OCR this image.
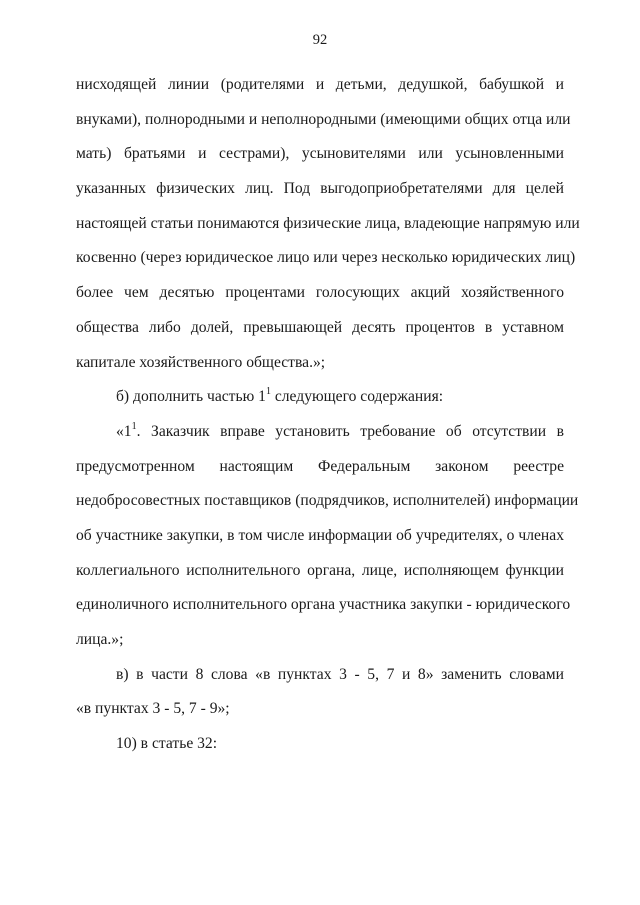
92
нисходящей линии (родителями и детьми, дедушкой, бабушкой и
внуками), полнородными и неполнородными (имеющими общих отца или
мать) братьями и сестрами), усыновителями или усыновленными
указанных физических лиц. Под выгодоприобретателями для целей
настоящей статьи понимаются физические лица, владеющие напрямую или
косвенно (через юридическое лицо или через несколько юридических лиц)
более чем десятью процентами голосующих акций хозяйственного
общества либо долей, превышающей десять процентов в уставном
капитале хозяйственного общества.»;
б) дополнить частью $1^1$ следующего содержания:
«$1^1$. Заказчик вправе установить требование об отсутствии в
предусмотренном настоящим Федеральным законом реестре
недобросовестных поставщиков (подрядчиков, исполнителей) информации
об участнике закупки, в том числе информации об учредителях, о членах
коллегиального исполнительного органа, лице, исполняющем функции
единоличного исполнительного органа участника закупки - юридического
лица.»;
в) в части 8 слова «в пунктах 3 - 5, 7 и 8» заменить словами
«в пунктах 3 - 5, 7 - 9»;
10) в статье 32:
